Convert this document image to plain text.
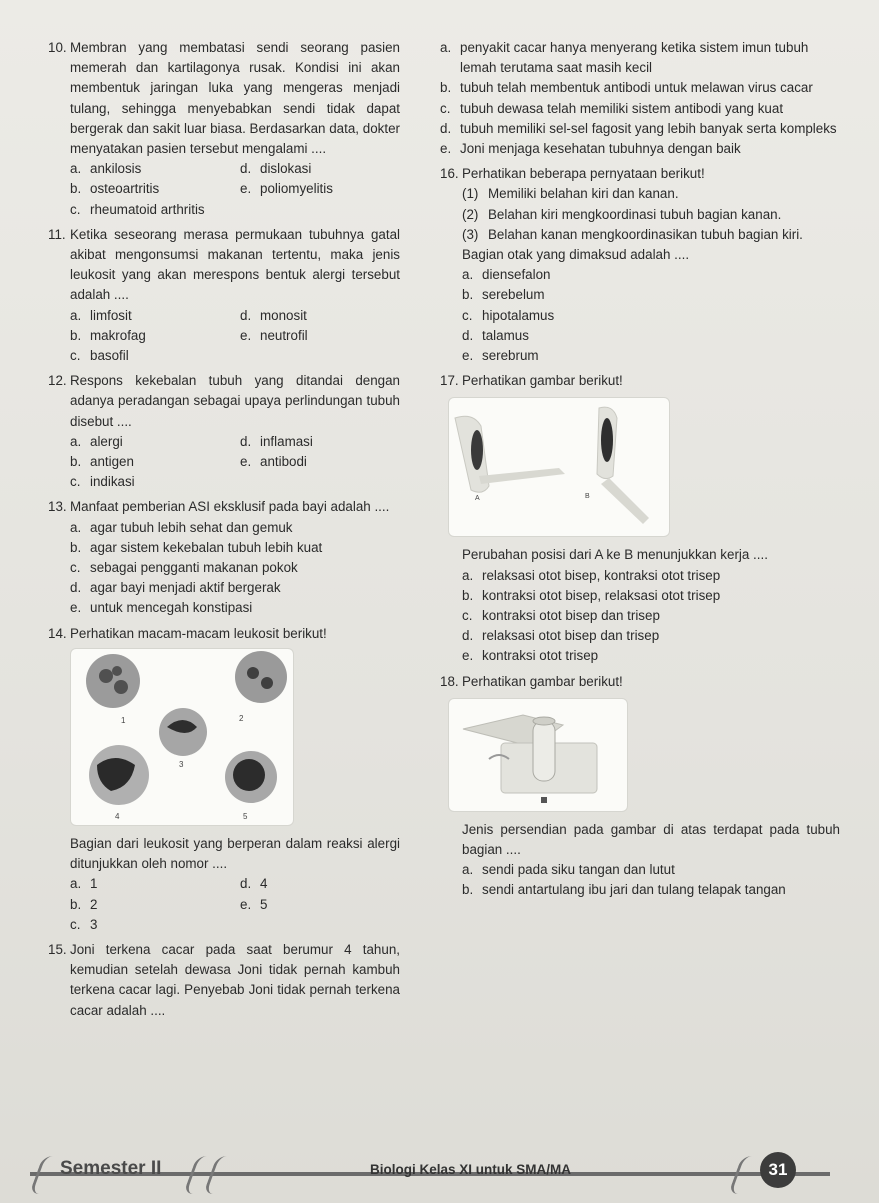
10. Membran yang membatasi sendi seorang pasien memerah dan kartilagonya rusak. Kondisi ini akan membentuk jaringan luka yang mengeras menjadi tulang, sehingga menyebabkan sendi tidak dapat bergerak dan sakit luar biasa. Berdasarkan data, dokter menyatakan pasien tersebut mengalami ....
a. ankilosis	d. dislokasi
b. osteoartritis	e. poliomyelitis
c. rheumatoid arthritis
11. Ketika seseorang merasa permukaan tubuhnya gatal akibat mengonsumsi makanan tertentu, maka jenis leukosit yang akan merespons bentuk alergi tersebut adalah ....
a. limfosit	d. monosit
b. makrofag	e. neutrofil
c. basofil
12. Respons kekebalan tubuh yang ditandai dengan adanya peradangan sebagai upaya perlindungan tubuh disebut ....
a. alergi	d. inflamasi
b. antigen	e. antibodi
c. indikasi
13. Manfaat pemberian ASI eksklusif pada bayi adalah ....
a. agar tubuh lebih sehat dan gemuk
b. agar sistem kekebalan tubuh lebih kuat
c. sebagai pengganti makanan pokok
d. agar bayi menjadi aktif bergerak
e. untuk mencegah konstipasi
14. Perhatikan macam-macam leukosit berikut!
1	2
3
4	5
Bagian dari leukosit yang berperan dalam reaksi alergi ditunjukkan oleh nomor ....
a. 1	d. 4
b. 2	e. 5
c. 3
15. Joni terkena cacar pada saat berumur 4 tahun, kemudian setelah dewasa Joni tidak pernah kambuh terkena cacar lagi. Penyebab Joni tidak pernah terkena cacar adalah ....
a. penyakit cacar hanya menyerang ketika sistem imun tubuh lemah terutama saat masih kecil
b. tubuh telah membentuk antibodi untuk melawan virus cacar
c. tubuh dewasa telah memiliki sistem antibodi yang kuat
d. tubuh memiliki sel-sel fagosit yang lebih banyak serta kompleks
e. Joni menjaga kesehatan tubuhnya dengan baik
16. Perhatikan beberapa pernyataan berikut!
(1) Memiliki belahan kiri dan kanan.
(2) Belahan kiri mengkoordinasi tubuh bagian kanan.
(3) Belahan kanan mengkoordinasikan tubuh bagian kiri.
Bagian otak yang dimaksud adalah ....
a. diensefalon
b. serebelum
c. hipotalamus
d. talamus
e. serebrum
17. Perhatikan gambar berikut!
A	B
Perubahan posisi dari A ke B menunjukkan kerja ....
a. relaksasi otot bisep, kontraksi otot trisep
b. kontraksi otot bisep, relaksasi otot trisep
c. kontraksi otot bisep dan trisep
d. relaksasi otot bisep dan trisep
e. kontraksi otot trisep
18. Perhatikan gambar berikut!
Jenis persendian pada gambar di atas terdapat pada tubuh bagian ....
a. sendi pada siku tangan dan lutut
b. sendi antartulang ibu jari dan tulang telapak tangan
Semester II	Biologi Kelas XI untuk SMA/MA	31
